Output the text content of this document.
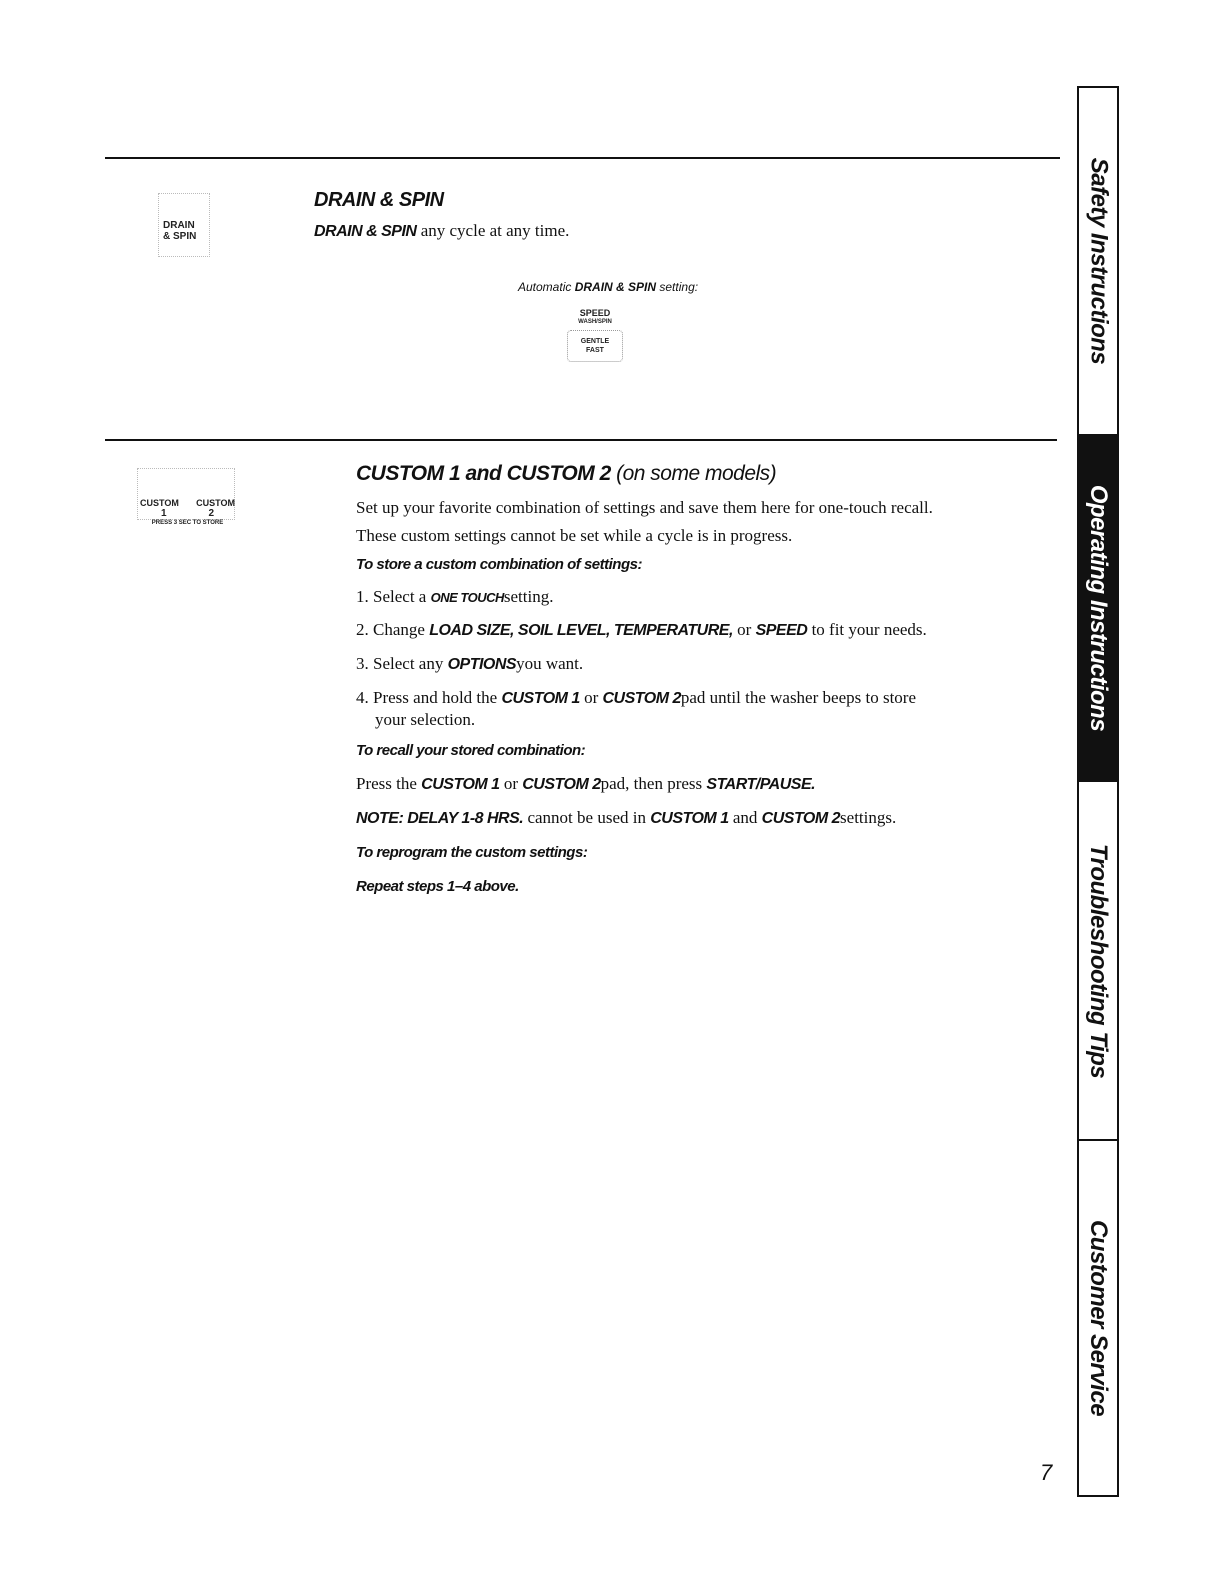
DRAIN
& SPIN
DRAIN & SPIN
DRAIN & SPIN any cycle at any time.
Automatic DRAIN & SPIN setting:
SPEED
WASH/SPIN
GENTLE
FAST
CUSTOM CUSTOM
1	2
PRESS 3 SEC TO STORE
CUSTOM 1 and CUSTOM 2 (on some models)
Set up your favorite combination of settings and save them here for one-touch recall.
These custom settings cannot be set while a cycle is in progress.
To store a custom combination of settings:
1. Select a ONE TOUCHsetting.
2. Change LOAD SIZE, SOIL LEVEL, TEMPERATURE, or SPEED to fit your needs.
3. Select any OPTIONSyou want.
4. Press and hold the CUSTOM 1 or CUSTOM 2pad until the washer beeps to store
your selection.
To recall your stored combination:
Press the CUSTOM 1 or CUSTOM 2pad, then press START/PAUSE.
NOTE: DELAY 1-8 HRS. cannot be used in CUSTOM 1 and CUSTOM 2settings.
To reprogram the custom settings:
Repeat steps 1–4 above.
Safety Instructions
Operating Instructions
Troubleshooting Tips
Customer Service
7
